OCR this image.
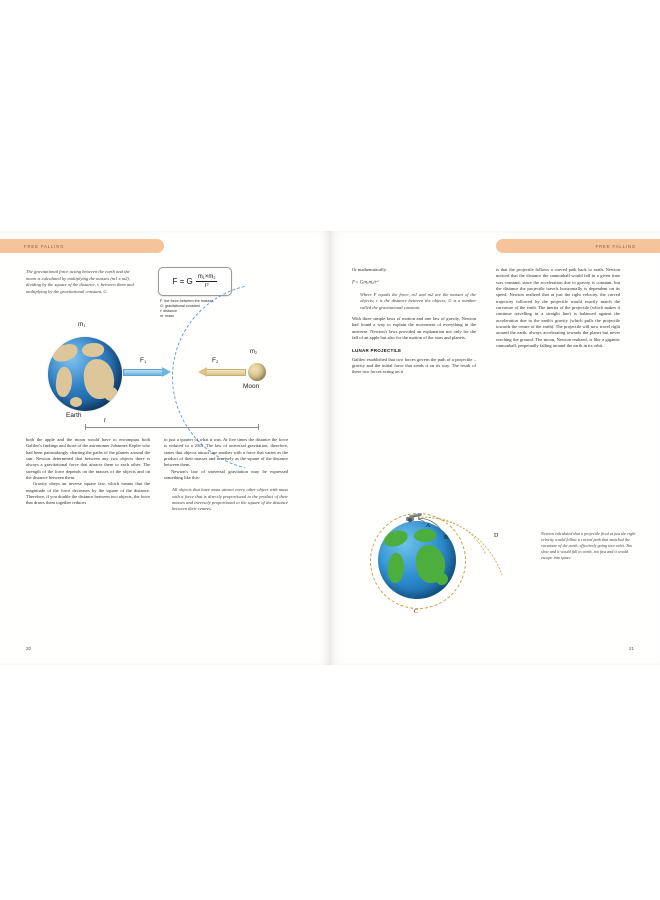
FREE FALLING
The gravitational force acting between the earth and the moon is calculated by multiplying the masses (m1 x m2), dividing by the square of the distance, r, between them and multiplying by the gravitational constant, G.
F = G $\frac{m_1\times m_2}{r^2}$
F: the force between the masses
G: gravitational constant
r: distance
m: mass
$m_1$
$m_2$
$F_1$	$F_2$
Earth
Moon
r

both the apple and the moon would have to encompass both Galileo's findings and those of the astronomer Johannes Kepler who had been painstakingly charting the paths of the planets around the sun. Newton determined that between any two objects there is always a gravitational force that attracts them to each other. The strength of the force depends on the masses of the objects and on the distance between them.

Gravity obeys an inverse square law, which means that the magnitude of the force decreases by the square of the distance. Therefore, if you double the distance between two objects, the force that draws them together reduces

to just a quarter of what it was. At five times the distance the force is reduced to a 25th. The law of universal gravitation, therefore, states that objects attract one another with a force that varies as the product of their masses and inversely as the square of the distance between them.

Newton's law of universal gravitation may be expressed something like this:

All objects that have mass attract every other object with mass with a force that is directly proportional to the product of their masses and inversely proportional to the square of the distance between their centres.

20
FREE FALLING

Or mathematically:

$F= Gm_1m_2/r^2$

Where F equals the force, m1 and m2 are the masses of the objects; r is the distance between the objects; G is a number called the gravitational constant.

With three simple laws of motion and one law of gravity, Newton had found a way to explain the movement of everything in the universe. Newton's laws provided an explanation not only for the fall of an apple but also for the motion of the stars and planets.

LUNAR PROJECTILE

Galileo established that two forces govern the path of a projectile – gravity and the initial force that sends it on its way. The result of these two forces acting on it

is that the projectile follows a curved path back to earth. Newton noticed that the distance the cannonball would fall in a given time was constant, since the acceleration due to gravity is constant, but the distance the projectile travels horizontally is dependent on its speed. Newton realized that at just the right velocity, the curved trajectory followed by the projectile would exactly match the curvature of the earth. The inertia of the projectile (which makes it continue travelling in a straight line) is balanced against the acceleration due to the earth's gravity (which pulls the projectile towards the centre of the earth). The projectile will now travel right around the earth, always accelerating towards the planet but never reaching the ground. The moon, Newton realized, is like a gigantic cannonball, perpetually falling around the earth in its orbit.

A
B
C
D	Newton calculated that a projectile fired at just the right velocity would follow a curved path that matched the curvature of the earth, effectively going into orbit. Too slow and it would fall to earth, too fast and it would escape into space.
21
